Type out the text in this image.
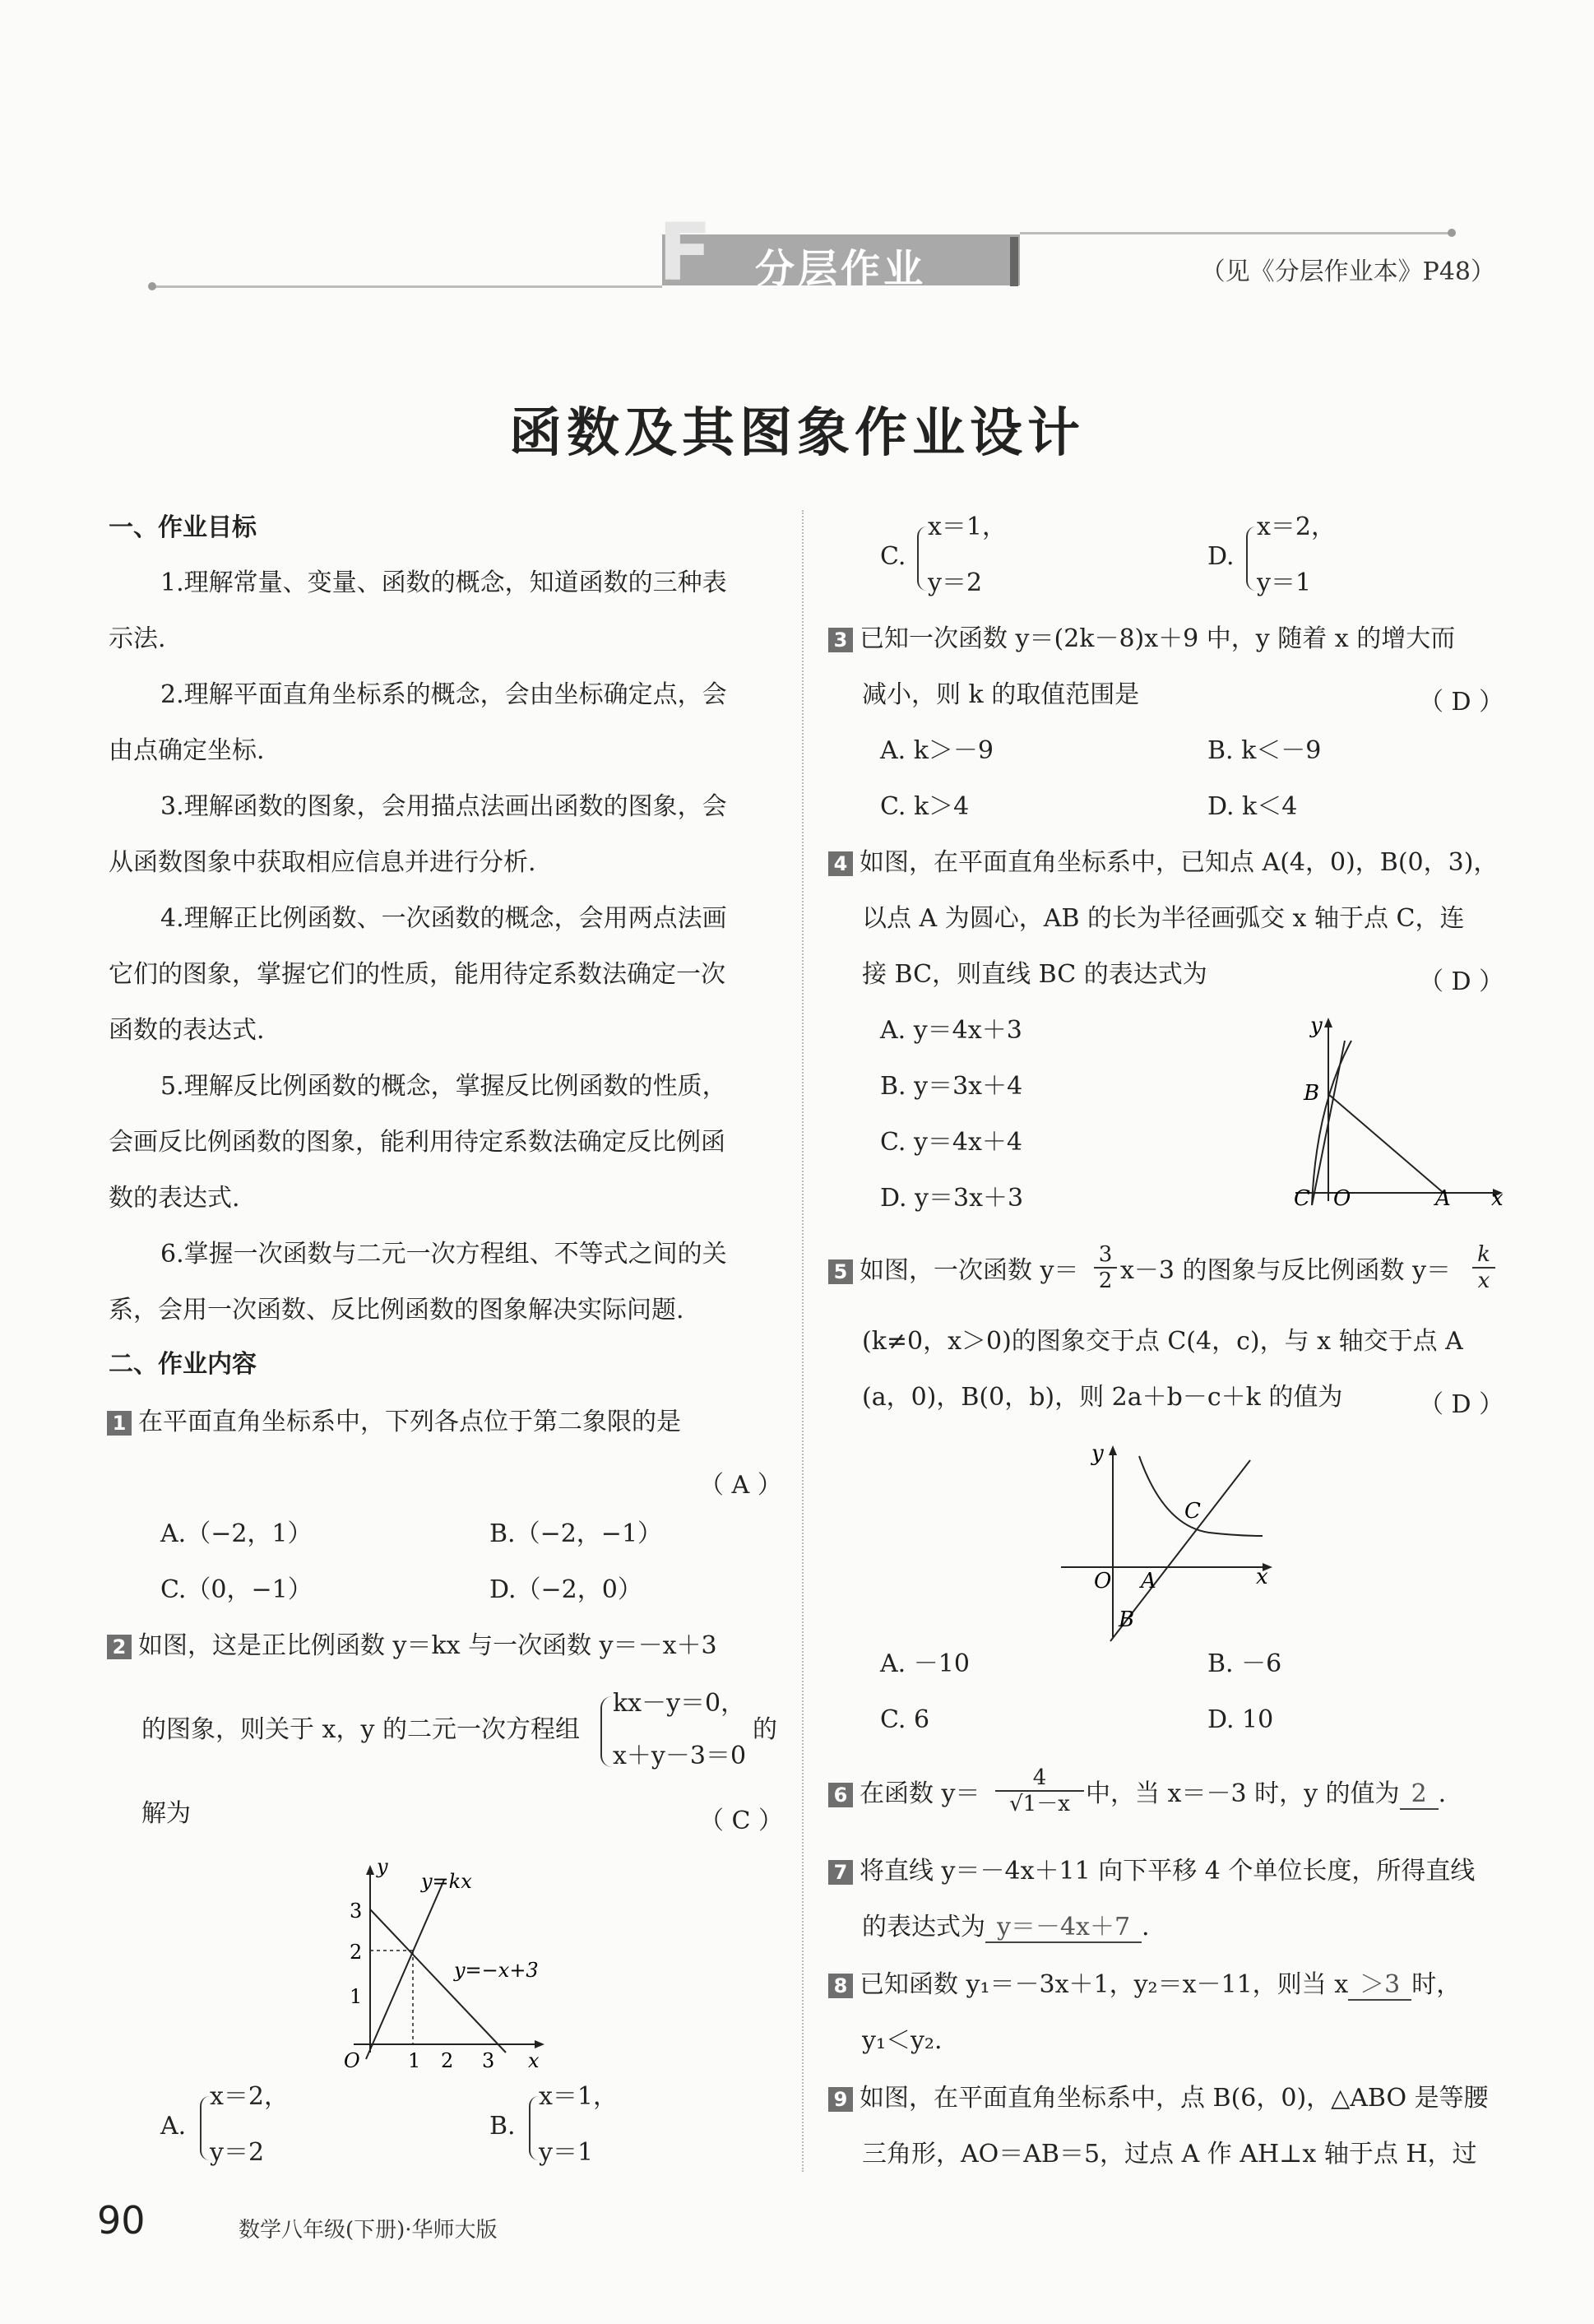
F	分层作业	（见《分层作业本》P48）
函数及其图象作业设计
一、作业目标
1.理解常量、变量、函数的概念，知道函数的三种表
示法.
2.理解平面直角坐标系的概念，会由坐标确定点，会
由点确定坐标.
3.理解函数的图象，会用描点法画出函数的图象，会
从函数图象中获取相应信息并进行分析.
4.理解正比例函数、一次函数的概念，会用两点法画
它们的图象，掌握它们的性质，能用待定系数法确定一次
函数的表达式.
5.理解反比例函数的概念，掌握反比例函数的性质，
会画反比例函数的图象，能利用待定系数法确定反比例函
数的表达式.
6.掌握一次函数与二元一次方程组、不等式之间的关
系，会用一次函数、反比例函数的图象解决实际问题.
二、作业内容
1 在平面直角坐标系中，下列各点位于第二象限的是
（ A ）
A.（−2，1）	B.（−2，−1）
C.（0，−1）	D.（−2，0）
2 如图，这是正比例函数 y＝kx 与一次函数 y＝－x＋3
的图象，则关于 x，y 的二元一次方程组
kx－y＝0，
x＋y－3＝0
的
解为	（ C ）
y
x
O
y=kx
y=−x+3
1 2 3
1
2
3
A.
x＝2，
y＝2
B.
x＝1，
y＝1
C.
x＝1，
y＝2
D.
x＝2，
y＝1
3 已知一次函数 y＝(2k－8)x＋9 中，y 随着 x 的增大而
减小，则 k 的取值范围是	（ D ）
A. k＞－9	B. k＜－9
C. k＞4	D. k＜4
4 如图，在平面直角坐标系中，已知点 A(4，0)，B(0，3)，
以点 A 为圆心，AB 的长为半径画弧交 x 轴于点 C，连
接 BC，则直线 BC 的表达式为	（ D ）
A. y＝4x＋3
B. y＝3x＋4
C. y＝4x＋4
D. y＝3x＋3
y
B
C O	A x
5 如图，一次函数 $y= \frac{3}{2} x-3$ 的图象与反比例函数 $y= \frac{k}{x}$
(k≠0，x＞0)的图象交于点 C(4，c)，与 x 轴交于点 A
(a，0)，B(0，b)，则 2a＋b－c＋k 的值为	（ D ）
y
C
O A
B
x
A. －10	B. －6
C. 6	D. 10
6 在函数 $y= \frac{4}{√1-x}$ 中，当 x＝－3 时，y 的值为 2 .
7 将直线 y＝－4x＋11 向下平移 4 个单位长度，所得直线
的表达式为 y＝－4x＋7 .
8 已知函数 y₁＝－3x＋1，y₂＝x－11，则当 x ＞3 时，
y₁＜y₂.
9 如图，在平面直角坐标系中，点 B(6，0)，△ABO 是等腰
三角形，AO＝AB＝5，过点 A 作 AH⊥x 轴于点 H，过
90	数学八年级(下册)·华师大版
